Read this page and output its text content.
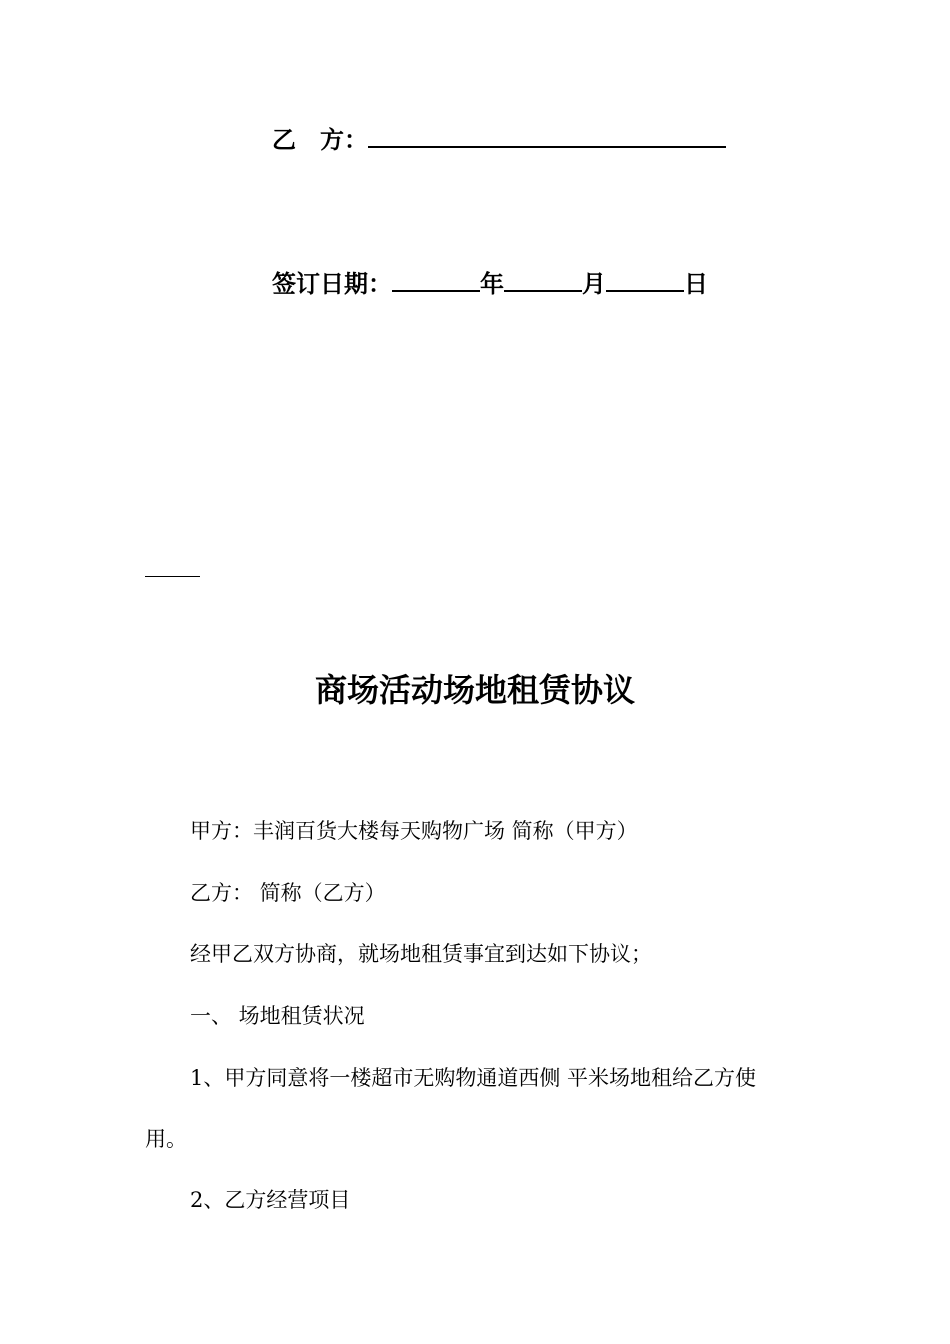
乙　方：
签订日期：	年	月	日
商场活动场地租赁协议
甲方：丰润百货大楼每天购物广场 简称（甲方）
乙方： 简称（乙方）
经甲乙双方协商，就场地租赁事宜到达如下协议；
一、 场地租赁状况
1、甲方同意将一楼超市无购物通道西侧 平米场地租给乙方使
用。
2、乙方经营项目
